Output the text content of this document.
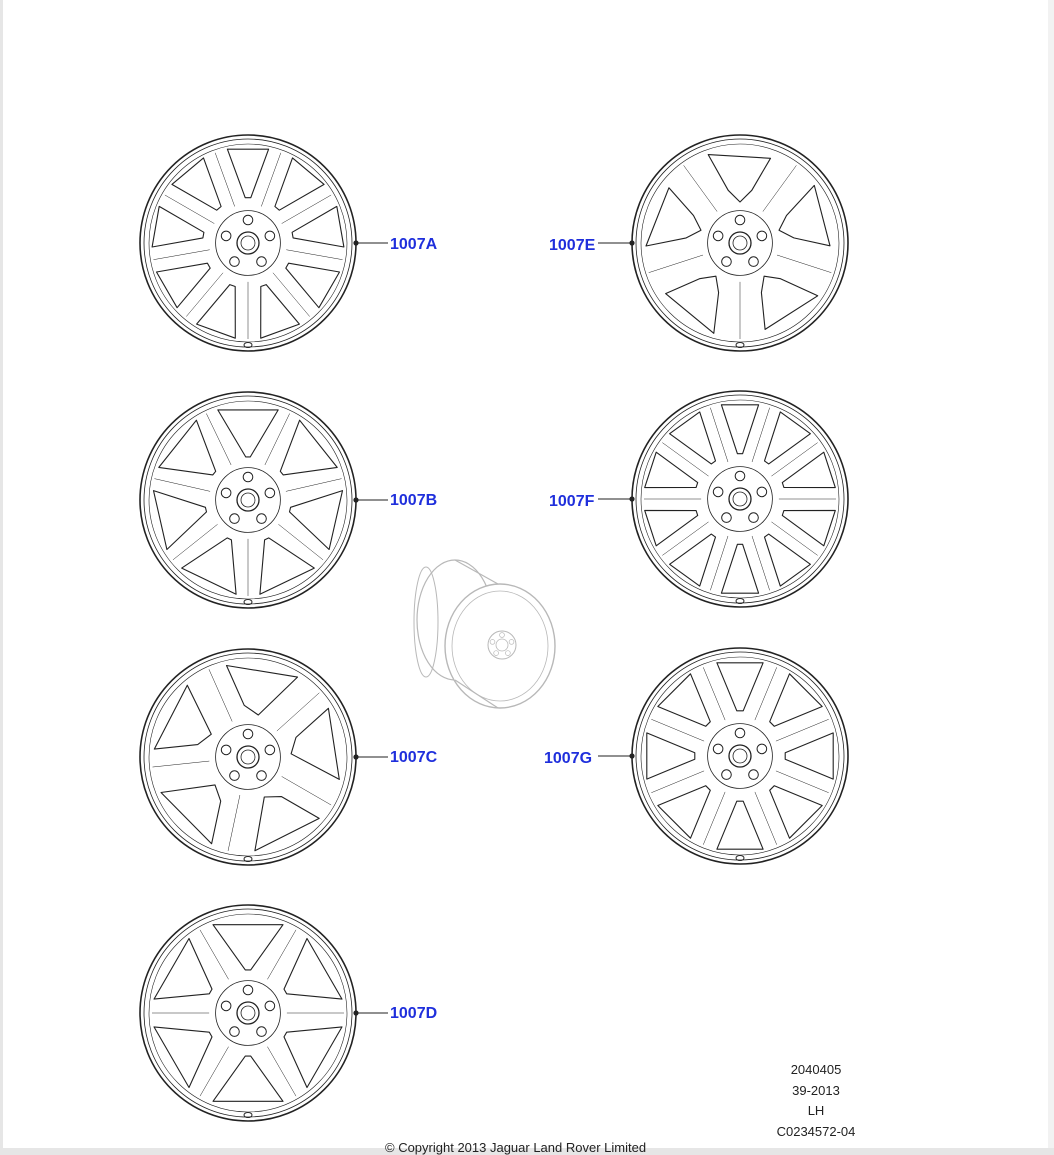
1007A
1007B
1007C
1007D
1007E
1007F
1007G
2040405
39-2013
LH
C0234572-04
© Copyright 2013 Jaguar Land Rover Limited
